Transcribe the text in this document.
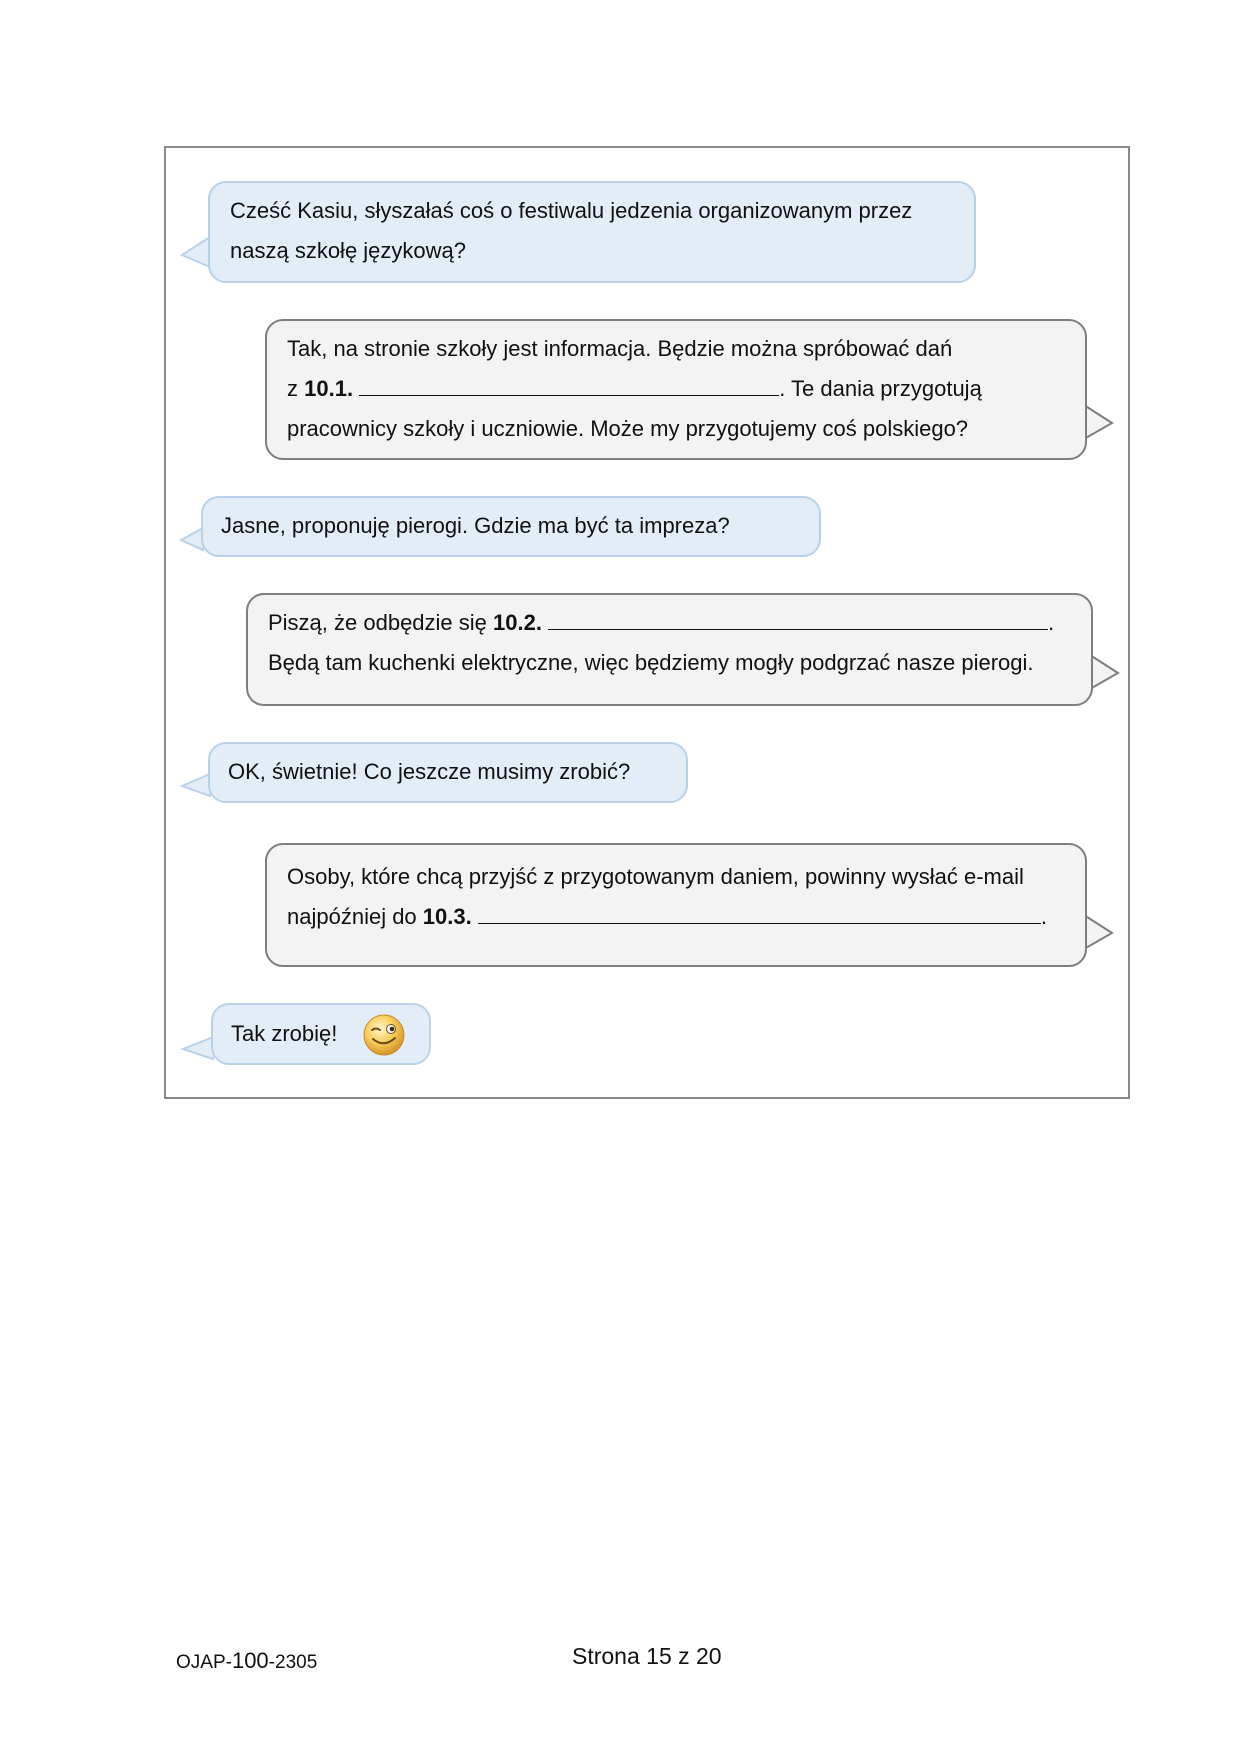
Cześć Kasiu, słyszałaś coś o festiwalu jedzenia organizowanym przez
naszą szkołę językową?
Tak, na stronie szkoły jest informacja. Będzie można spróbować dań
z 10.1.	. Te dania przygotują
pracownicy szkoły i uczniowie. Może my przygotujemy coś polskiego?
Jasne, proponuję pierogi. Gdzie ma być ta impreza?
Piszą, że odbędzie się 10.2.	.
Będą tam kuchenki elektryczne, więc będziemy mogły podgrzać nasze pierogi.
OK, świetnie! Co jeszcze musimy zrobić?
Osoby, które chcą przyjść z przygotowanym daniem, powinny wysłać e-mail
najpóźniej do 10.3.	.
Tak zrobię!
OJAP-100-2305	Strona 15 z 20
